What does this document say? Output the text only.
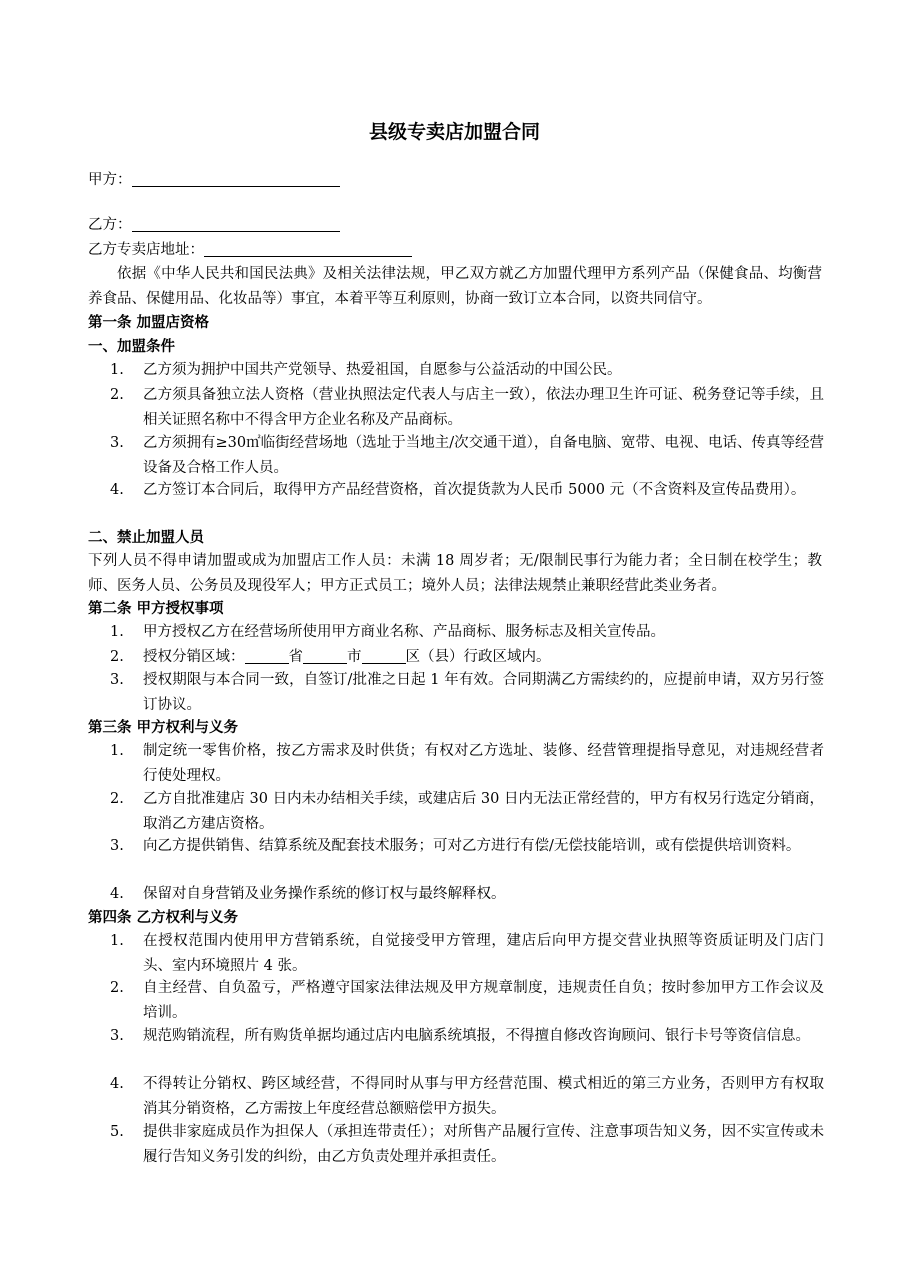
县级专卖店加盟合同
甲方：
乙方：
乙方专卖店地址：
依据《中华人民共和国民法典》及相关法律法规，甲乙双方就乙方加盟代理甲方系列产品（保健食品、均衡营养食品、保健用品、化妆品等）事宜，本着平等互利原则，协商一致订立本合同，以资共同信守。
第一条 加盟店资格
一、加盟条件
1.	乙方须为拥护中国共产党领导、热爱祖国，自愿参与公益活动的中国公民。
2.	乙方须具备独立法人资格（营业执照法定代表人与店主一致），依法办理卫生许可证、税务登记等手续，且相关证照名称中不得含甲方企业名称及产品商标。
3.	乙方须拥有≥30㎡临街经营场地（选址于当地主/次交通干道），自备电脑、宽带、电视、电话、传真等经营设备及合格工作人员。
4.	乙方签订本合同后，取得甲方产品经营资格，首次提货款为人民币 5000 元（不含资料及宣传品费用）。
二、禁止加盟人员
下列人员不得申请加盟或成为加盟店工作人员：未满 18 周岁者；无/限制民事行为能力者；全日制在校学生；教师、医务人员、公务员及现役军人；甲方正式员工；境外人员；法律法规禁止兼职经营此类业务者。
第二条 甲方授权事项
1.	甲方授权乙方在经营场所使用甲方商业名称、产品商标、服务标志及相关宣传品。
2.	授权分销区域：	省	市	区（县）行政区域内。
3.	授权期限与本合同一致，自签订/批准之日起 1 年有效。合同期满乙方需续约的，应提前申请，双方另行签订协议。
第三条 甲方权利与义务
1.	制定统一零售价格，按乙方需求及时供货；有权对乙方选址、装修、经营管理提指导意见，对违规经营者行使处理权。
2.	乙方自批准建店 30 日内未办结相关手续，或建店后 30 日内无法正常经营的，甲方有权另行选定分销商，取消乙方建店资格。
3.	向乙方提供销售、结算系统及配套技术服务；可对乙方进行有偿/无偿技能培训，或有偿提供培训资料。
4.	保留对自身营销及业务操作系统的修订权与最终解释权。
第四条 乙方权利与义务
1.	在授权范围内使用甲方营销系统，自觉接受甲方管理，建店后向甲方提交营业执照等资质证明及门店门头、室内环境照片 4 张。
2.	自主经营、自负盈亏，严格遵守国家法律法规及甲方规章制度，违规责任自负；按时参加甲方工作会议及培训。
3.	规范购销流程，所有购货单据均通过店内电脑系统填报，不得擅自修改咨询顾问、银行卡号等资信信息。
4.	不得转让分销权、跨区域经营，不得同时从事与甲方经营范围、模式相近的第三方业务，否则甲方有权取消其分销资格，乙方需按上年度经营总额赔偿甲方损失。
5.	提供非家庭成员作为担保人（承担连带责任）；对所售产品履行宣传、注意事项告知义务，因不实宣传或未履行告知义务引发的纠纷，由乙方负责处理并承担责任。
